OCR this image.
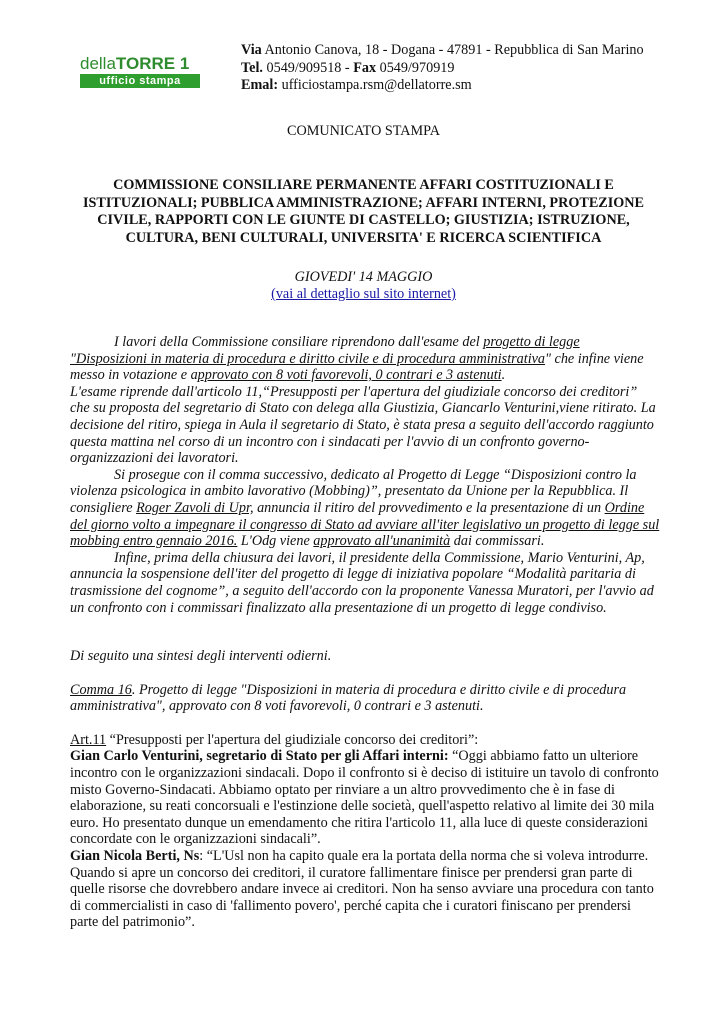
dellaTORRE 1
ufficio stampa
Via Antonio Canova, 18 - Dogana - 47891 - Repubblica di San Marino
Tel. 0549/909518 - Fax 0549/970919
Emal: ufficiostampa.rsm@dellatorre.sm
COMUNICATO STAMPA
COMMISSIONE CONSILIARE PERMANENTE AFFARI COSTITUZIONALI E ISTITUZIONALI; PUBBLICA AMMINISTRAZIONE; AFFARI INTERNI, PROTEZIONE CIVILE, RAPPORTI CON LE GIUNTE DI CASTELLO; GIUSTIZIA; ISTRUZIONE, CULTURA, BENI CULTURALI, UNIVERSITA' E RICERCA SCIENTIFICA
GIOVEDI' 14 MAGGIO
(vai al dettaglio sul sito internet)

I lavori della Commissione consiliare riprendono dall'esame del progetto di legge "Disposizioni in materia di procedura e diritto civile e di procedura amministrativa" che infine viene messo in votazione e approvato con 8 voti favorevoli, 0 contrari e 3 astenuti.

L'esame riprende dall'articolo 11,“Presupposti per l'apertura del giudiziale concorso dei creditori” che su proposta del segretario di Stato con delega alla Giustizia, Giancarlo Venturini,viene ritirato. La decisione del ritiro, spiega in Aula il segretario di Stato, è stata presa a seguito dell'accordo raggiunto questa mattina nel corso di un incontro con i sindacati per l'avvio di un confronto governo-organizzazioni dei lavoratori.

Si prosegue con il comma successivo, dedicato al Progetto di Legge “Disposizioni contro la violenza psicologica in ambito lavorativo (Mobbing)”, presentato da Unione per la Repubblica. Il consigliere Roger Zavoli di Upr, annuncia il ritiro del provvedimento e la presentazione di un Ordine del giorno volto a impegnare il congresso di Stato ad avviare all'iter legislativo un progetto di legge sul mobbing entro gennaio 2016. L'Odg viene approvato all'unanimità dai commissari.

Infine, prima della chiusura dei lavori, il presidente della Commissione, Mario Venturini, Ap, annuncia la sospensione dell'iter del progetto di legge di iniziativa popolare “Modalità paritaria di trasmissione del cognome”, a seguito dell'accordo con la proponente Vanessa Muratori, per l'avvio ad un confronto con i commissari finalizzato alla presentazione di un progetto di legge condiviso.

Di seguito una sintesi degli interventi odierni.

Comma 16. Progetto di legge "Disposizioni in materia di procedura e diritto civile e di procedura amministrativa", approvato con 8 voti favorevoli, 0 contrari e 3 astenuti.

Art.11 “Presupposti per l'apertura del giudiziale concorso dei creditori”:

Gian Carlo Venturini, segretario di Stato per gli Affari interni: “Oggi abbiamo fatto un ulteriore incontro con le organizzazioni sindacali. Dopo il confronto si è deciso di istituire un tavolo di confronto misto Governo-Sindacati. Abbiamo optato per rinviare a un altro provvedimento che è in fase di elaborazione, su reati concorsuali e l'estinzione delle società, quell'aspetto relativo al limite dei 30 mila euro. Ho presentato dunque un emendamento che ritira l'articolo 11, alla luce di queste considerazioni concordate con le organizzazioni sindacali”.

Gian Nicola Berti, Ns: “L'Usl non ha capito quale era la portata della norma che si voleva introdurre. Quando si apre un concorso dei creditori, il curatore fallimentare finisce per prendersi gran parte di quelle risorse che dovrebbero andare invece ai creditori. Non ha senso avviare una procedura con tanto di commercialisti in caso di 'fallimento povero', perché capita che i curatori finiscano per prendersi parte del patrimonio”.
